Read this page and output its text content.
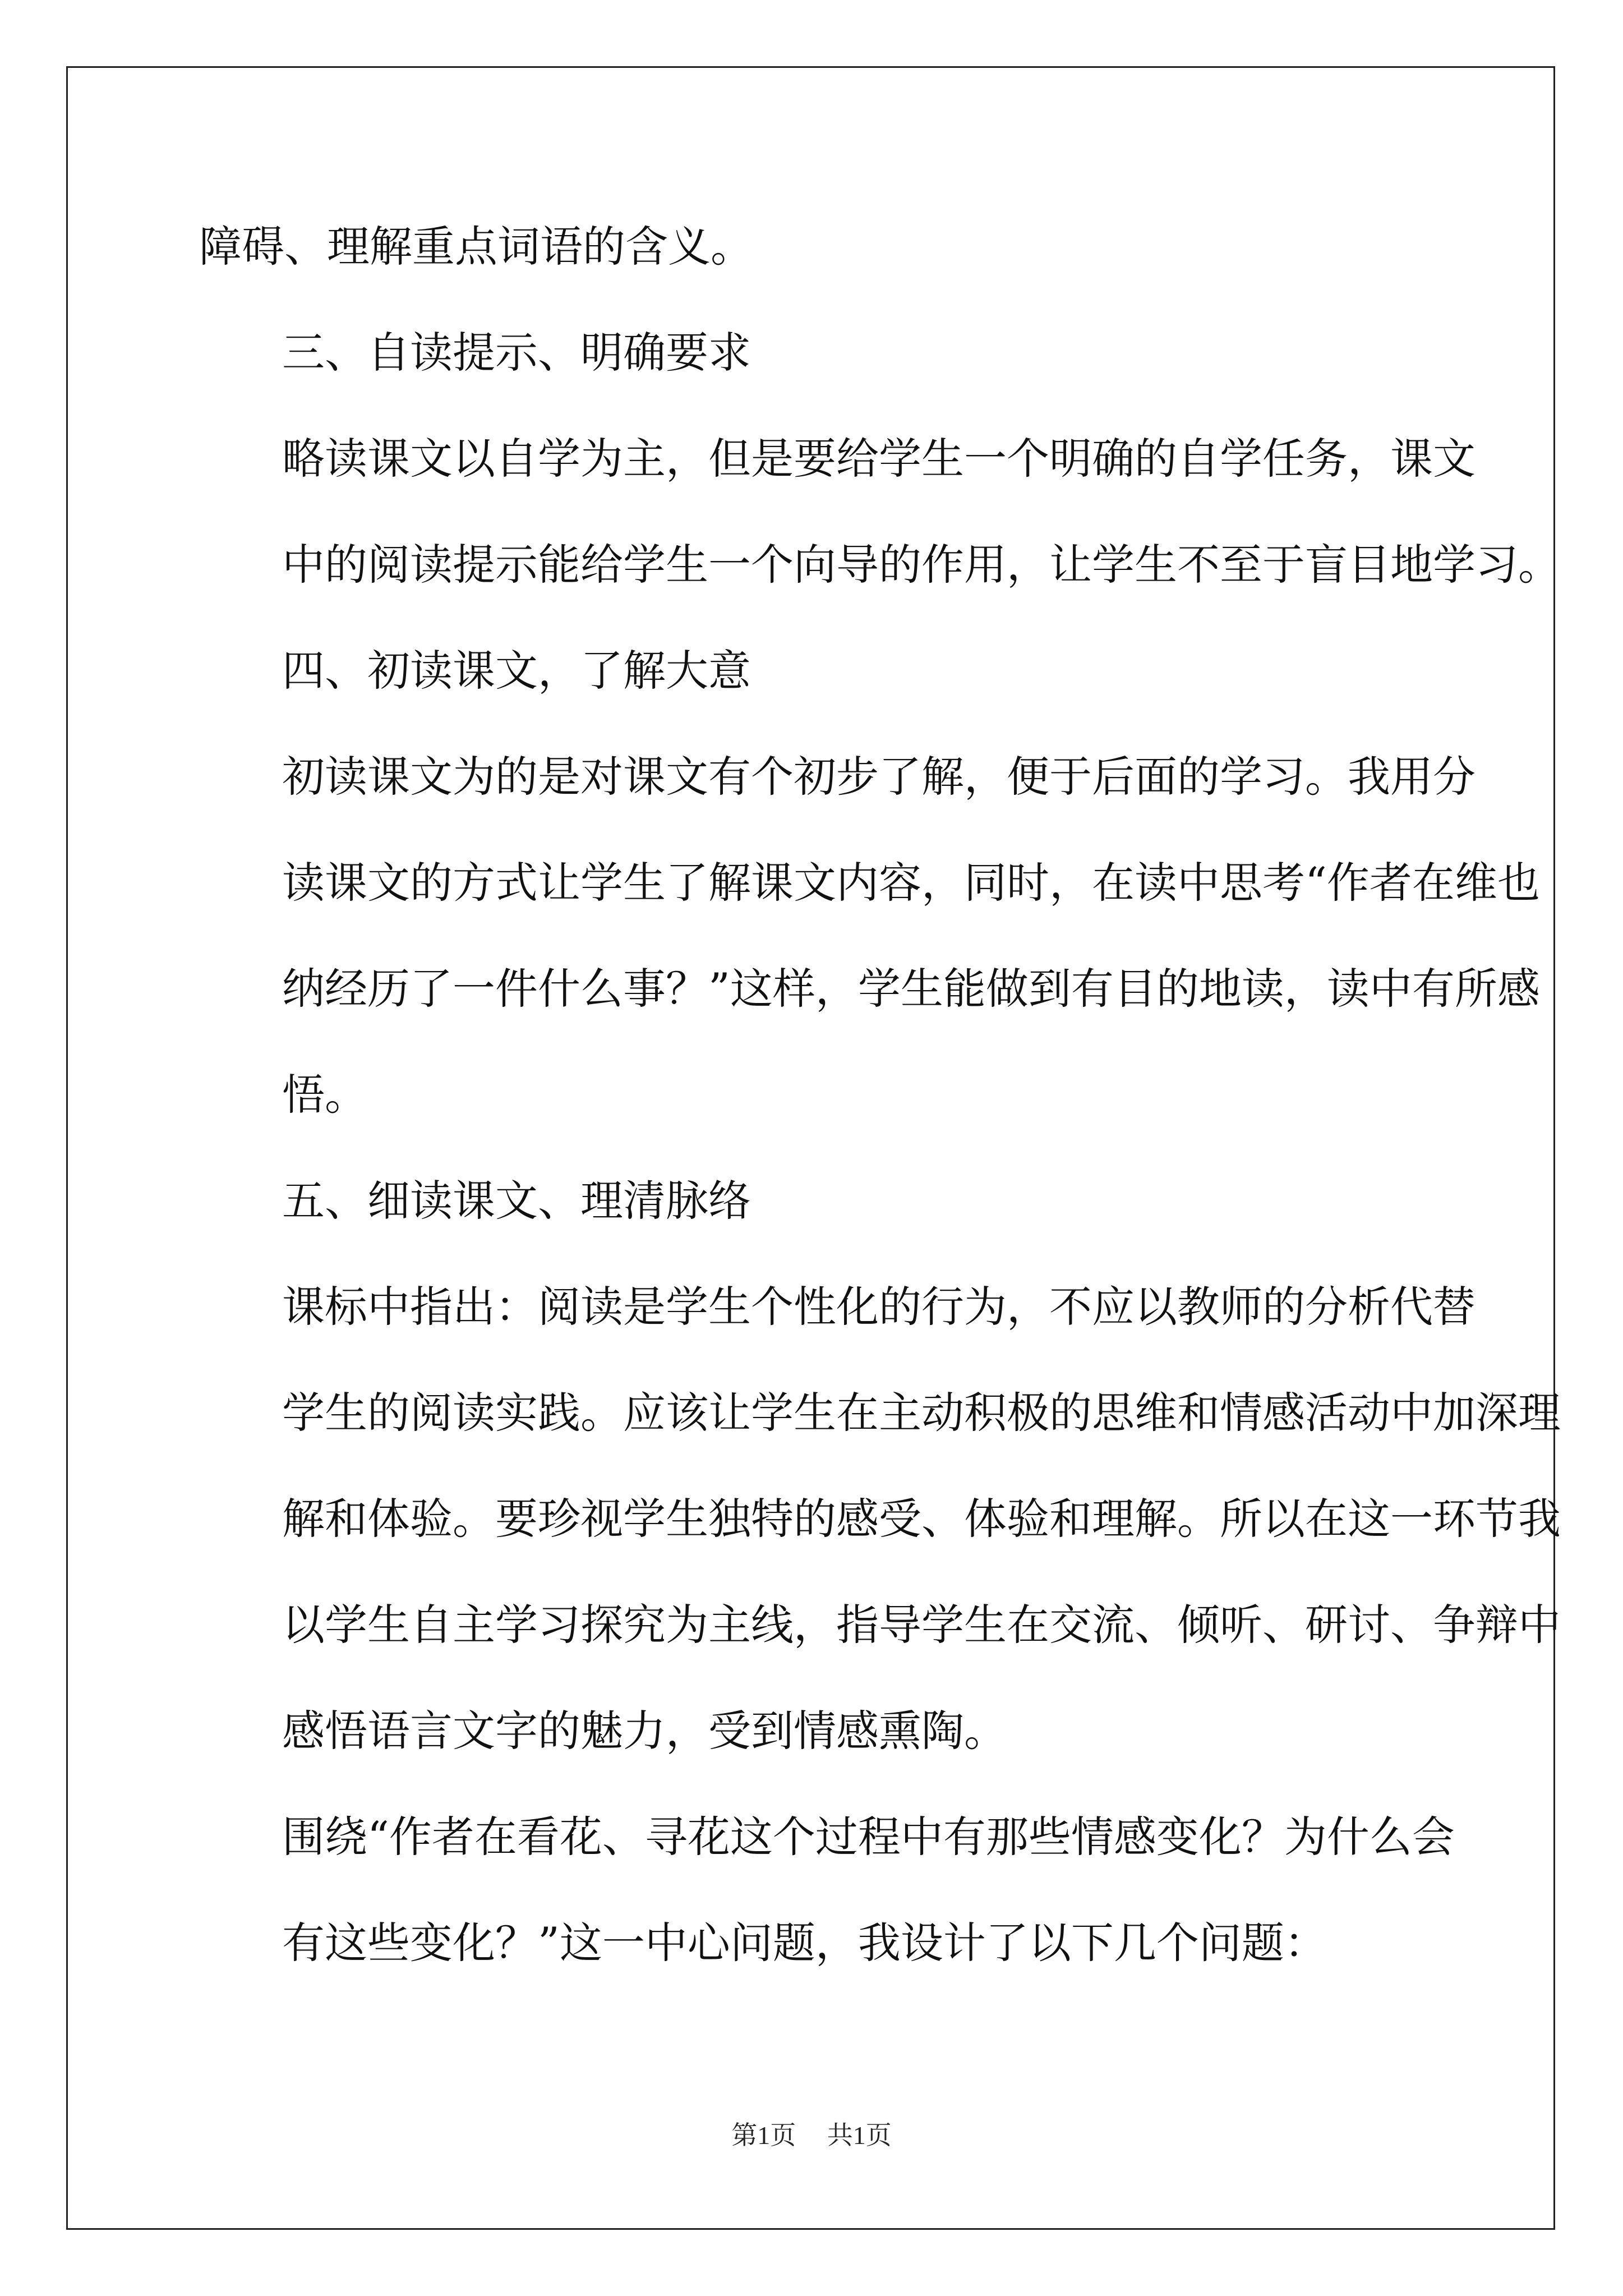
障碍、理解重点词语的含义。
三、自读提示、明确要求
略读课文以自学为主，但是要给学生一个明确的自学任务，课文
中的阅读提示能给学生一个向导的作用，让学生不至于盲目地学习。
四、初读课文，了解大意
初读课文为的是对课文有个初步了解，便于后面的学习。我用分
读课文的方式让学生了解课文内容，同时，在读中思考“作者在维也
纳经历了一件什么事？”这样，学生能做到有目的地读，读中有所感
悟。
五、细读课文、理清脉络
课标中指出：阅读是学生个性化的行为，不应以教师的分析代替
学生的阅读实践。应该让学生在主动积极的思维和情感活动中加深理
解和体验。要珍视学生独特的感受、体验和理解。所以在这一环节我
以学生自主学习探究为主线，指导学生在交流、倾听、研讨、争辩中
感悟语言文字的魅力，受到情感熏陶。
围绕“作者在看花、寻花这个过程中有那些情感变化？为什么会
有这些变化？”这一中心问题，我设计了以下几个问题：
第1页 共1页
